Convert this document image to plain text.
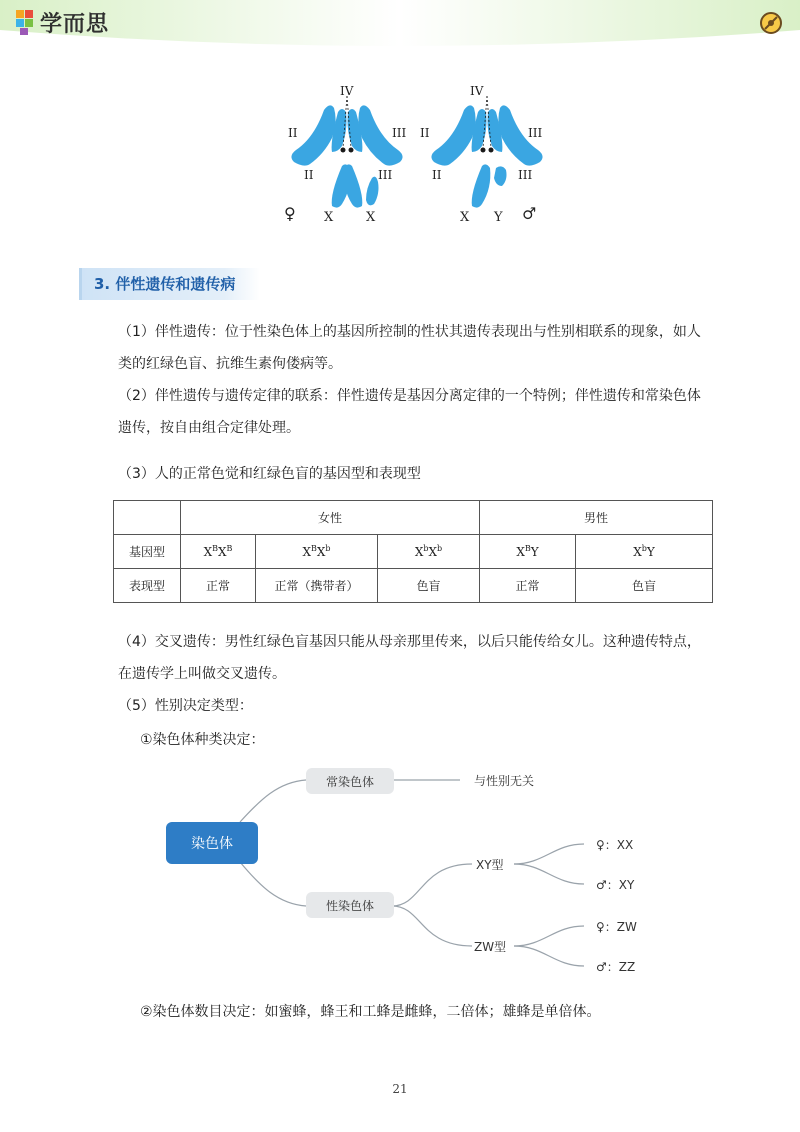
学而思
IV
II	III
II	III
♀ X	X
IV
II	III
II	III
X Y ♂
3. 伴性遗传和遗传病
（1）伴性遗传：位于性染色体上的基因所控制的性状其遗传表现出与性别相联系的现象，如人
类的红绿色盲、抗维生素佝偻病等。
（2）伴性遗传与遗传定律的联系：伴性遗传是基因分离定律的一个特例；伴性遗传和常染色体
遗传，按自由组合定律处理。
（3）人的正常色觉和红绿色盲的基因型和表现型
	女性			男性	
基因型	$X^BX^B$	$X^BX^b$	$X^bX^b$	$X^BY$	$X^bY$
表现型	正常	正常（携带者）	色盲	正常	色盲
（4）交叉遗传：男性红绿色盲基因只能从母亲那里传来，以后只能传给女儿。这种遗传特点，
在遗传学上叫做交叉遗传。
（5）性别决定类型：
①染色体种类决定：
染色体
常染色体	与性别无关
性染色体
XY型
ZW型
♀：XX
♂：XY
♀：ZW
♂：ZZ
②染色体数目决定：如蜜蜂，蜂王和工蜂是雌蜂，二倍体；雄蜂是单倍体。
21
